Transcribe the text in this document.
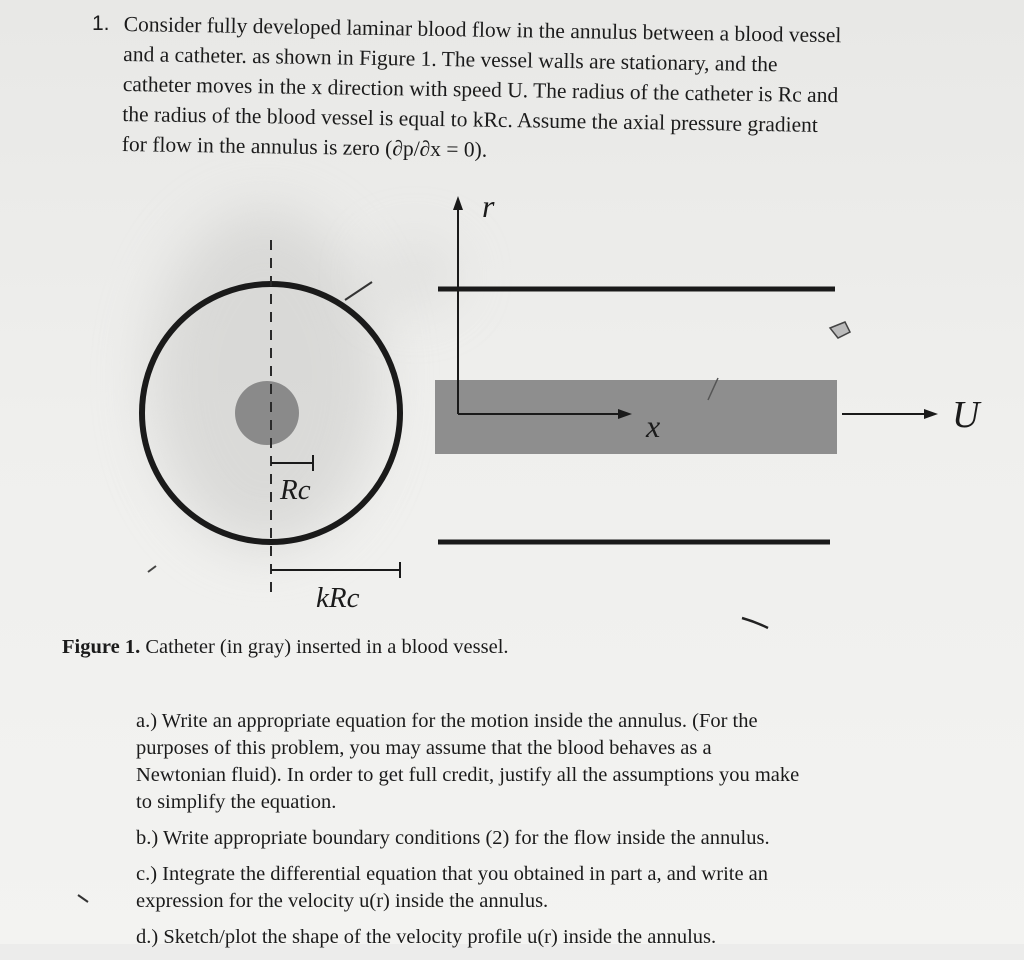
1. Consider fully developed laminar blood flow in the annulus between a blood vessel

and a catheter. as shown in Figure 1. The vessel walls are stationary, and the

catheter moves in the x direction with speed U. The radius of the catheter is Rc and

the radius of the blood vessel is equal to kRc. Assume the axial pressure gradient

for flow in the annulus is zero (∂p/∂x = 0).

r
x	U
Rc
kRc
Figure 1. Catheter (in gray) inserted in a blood vessel.
a.) Write an appropriate equation for the motion inside the annulus. (For the
purposes of this problem, you may assume that the blood behaves as a
Newtonian fluid). In order to get full credit, justify all the assumptions you make
to simplify the equation.
b.) Write appropriate boundary conditions (2) for the flow inside the annulus.
c.) Integrate the differential equation that you obtained in part a, and write an
expression for the velocity u(r) inside the annulus.
d.) Sketch/plot the shape of the velocity profile u(r) inside the annulus.
